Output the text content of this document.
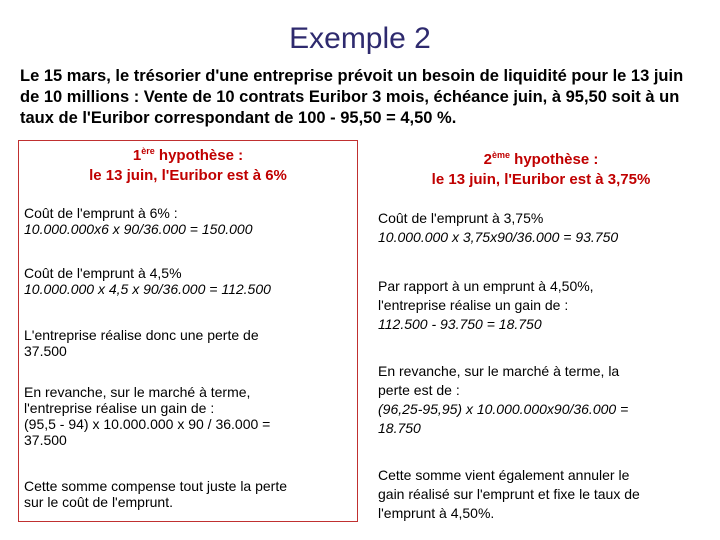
Exemple 2
Le 15 mars, le trésorier d'une entreprise prévoit un besoin de liquidité pour le 13 juin
de 10 millions : Vente de 10 contrats Euribor 3 mois, échéance juin, à 95,50 soit à un
taux de l'Euribor correspondant de 100 - 95,50 = 4,50 %.
1ère hypothèse :
le 13 juin, l'Euribor est à 6%
Coût de l'emprunt à 6% :
10.000.000x6 x 90/36.000 = 150.000
Coût de l'emprunt à 4,5%
10.000.000 x 4,5 x 90/36.000 = 112.500
L'entreprise réalise donc une perte de
37.500
En revanche, sur le marché à terme,
l'entreprise réalise un gain de :
(95,5 - 94) x 10.000.000 x 90 / 36.000 =
37.500
Cette somme compense tout juste la perte
sur le coût de l'emprunt.
2ème hypothèse :
le 13 juin, l'Euribor est à 3,75%
Coût de l'emprunt à 3,75%
10.000.000 x 3,75x90/36.000 = 93.750
Par rapport à un emprunt à 4,50%,
l'entreprise réalise un gain de :
112.500 - 93.750 = 18.750
En revanche, sur le marché à terme, la
perte est de :
(96,25-95,95) x 10.000.000x90/36.000 =
18.750
Cette somme vient également annuler le
gain réalisé sur l'emprunt et fixe le taux de
l'emprunt à 4,50%.
